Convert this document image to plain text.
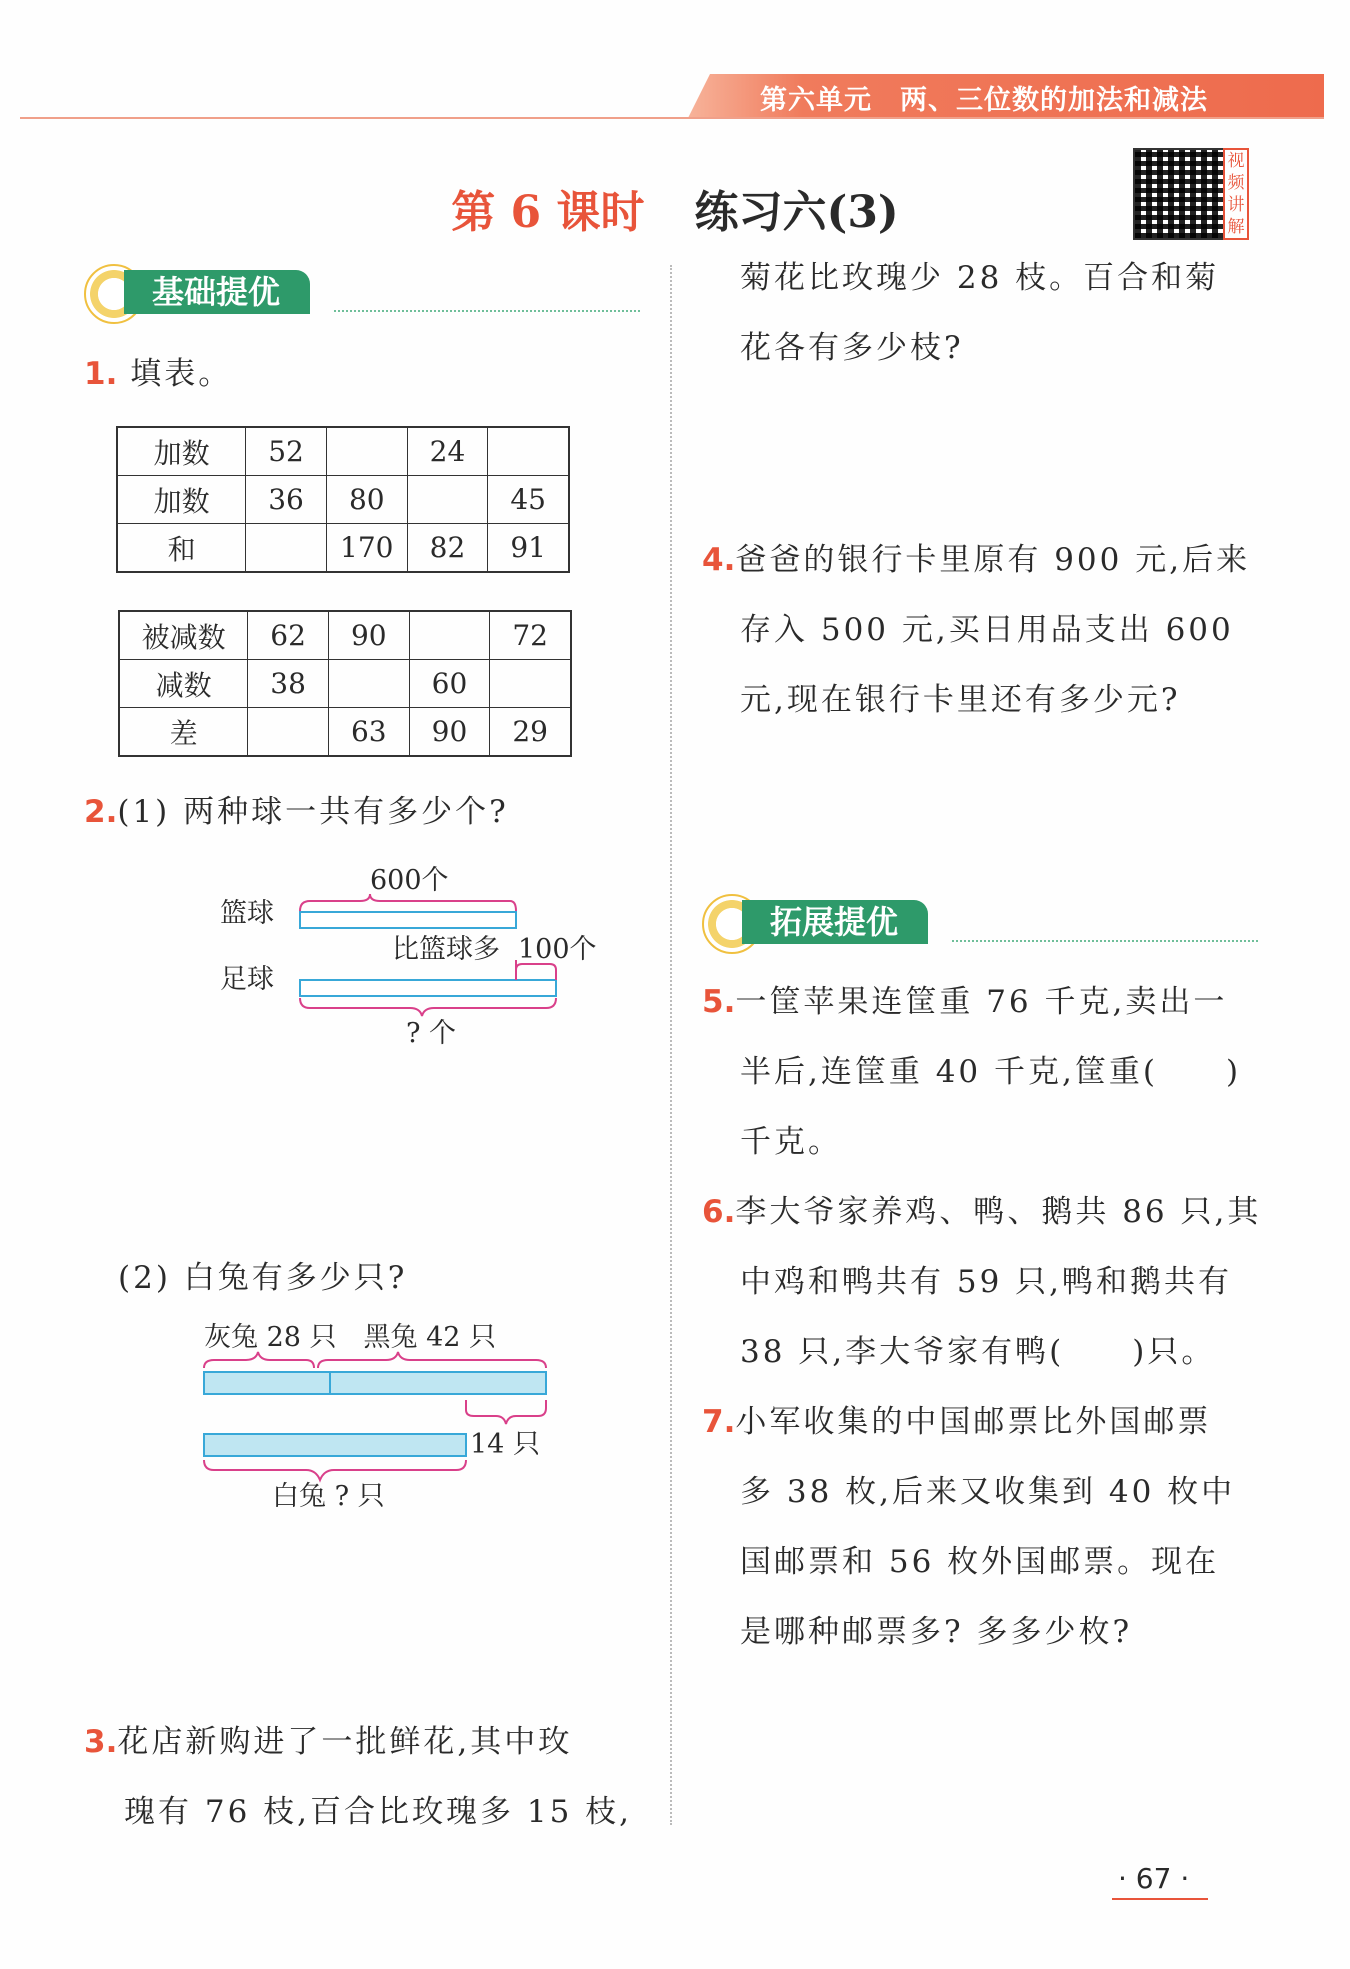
第六单元　两、三位数的加法和减法
第 6 课时 练习六(3)
视频讲解
基础提优
1. 填表。
加数	52		24	
加数	36	80		45
和		170	82	91
被减数	62	90		72
减数	38		60	
差		63	90	29
2.(1) 两种球一共有多少个?
600个
篮球
比篮球多 100个
足球
? 个
(2) 白兔有多少只?
灰兔 28 只　黑兔 42 只
14 只
白兔 ? 只
3.花店新购进了一批鲜花,其中玫
瑰有 76 枝,百合比玫瑰多 15 枝,
菊花比玫瑰少 28 枝。百合和菊
花各有多少枝?
4.爸爸的银行卡里原有 900 元,后来
存入 500 元,买日用品支出 600
元,现在银行卡里还有多少元?
拓展提优
5.一筐苹果连筐重 76 千克,卖出一
半后,连筐重 40 千克,筐重(　　)
千克。
6.李大爷家养鸡、鸭、鹅共 86 只,其
中鸡和鸭共有 59 只,鸭和鹅共有
38 只,李大爷家有鸭(　　)只。
7.小军收集的中国邮票比外国邮票
多 38 枚,后来又收集到 40 枚中
国邮票和 56 枚外国邮票。现在
是哪种邮票多? 多多少枚?
· 67 ·
